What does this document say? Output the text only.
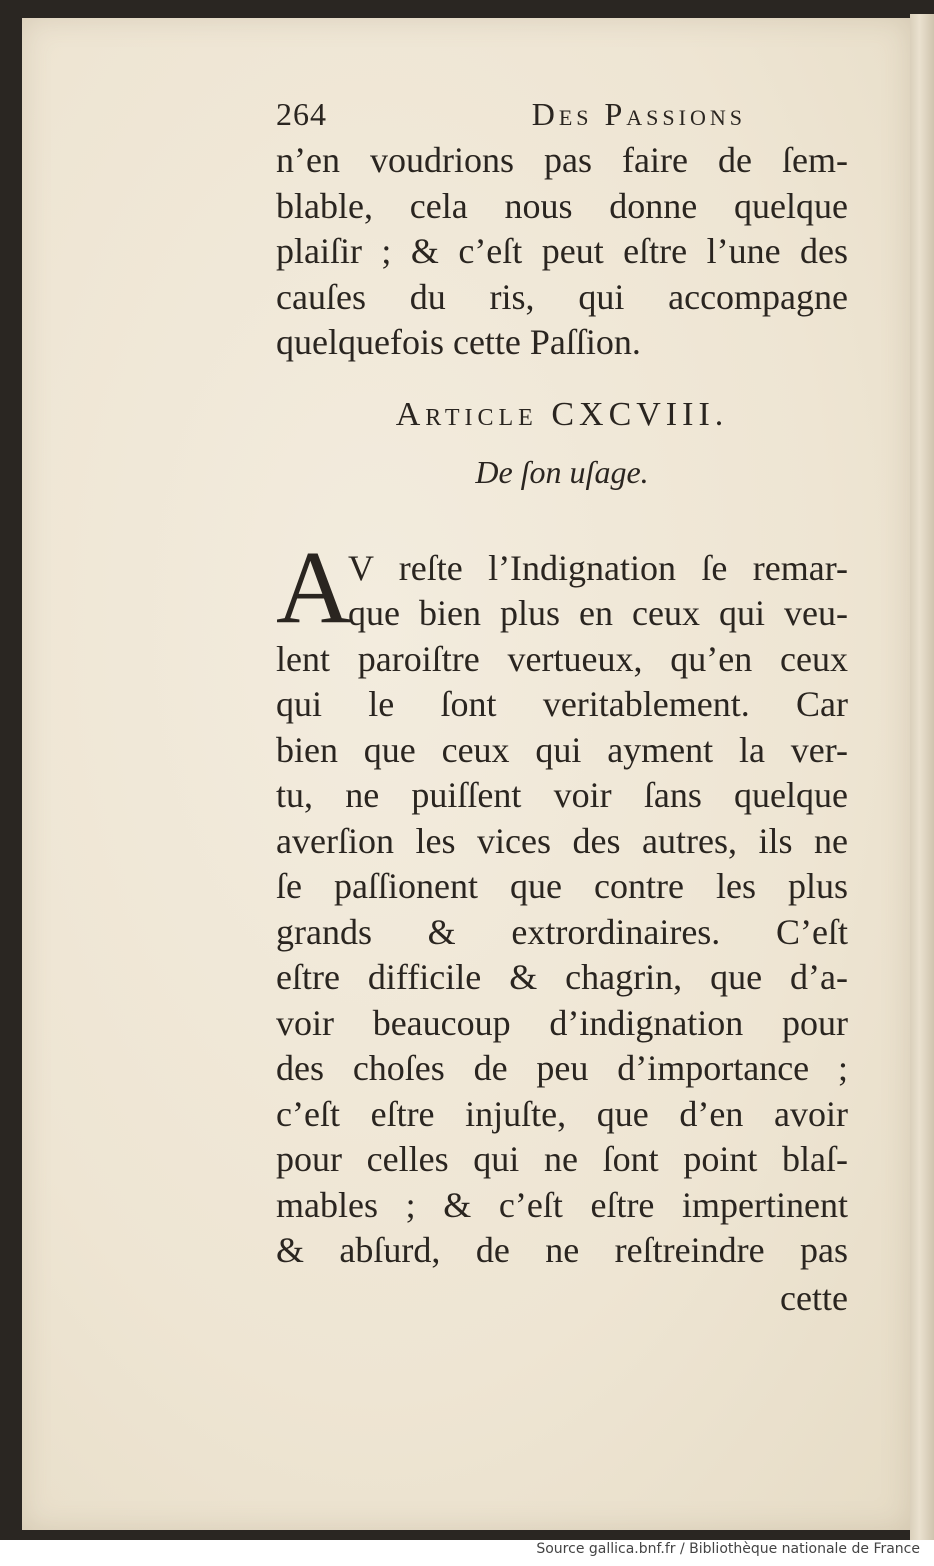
264	Des Passions
n’en voudrions pas faire de ſem-
blable, cela nous donne quelque
plaiſir ; & c’eſt peut eſtre l’une des
cauſes du ris, qui accompagne
quelquefois cette Paſſion.
Article CXCVIII.
De ſon uſage.
A
V reſte l’Indignation ſe remar-
que bien plus en ceux qui veu-
lent paroiſtre vertueux, qu’en ceux
qui le ſont veritablement. Car
bien que ceux qui ayment la ver-
tu, ne puiſſent voir ſans quelque
averſion les vices des autres, ils ne
ſe paſſionent que contre les plus
grands & extrordinaires. C’eſt
eſtre difficile & chagrin, que d’a-
voir beaucoup d’indignation pour
des choſes de peu d’importance ;
c’eſt eſtre injuſte, que d’en avoir
pour celles qui ne ſont point blaſ-
mables ; & c’eſt eſtre impertinent
& abſurd, de ne reſtreindre pas
cette
Source gallica.bnf.fr / Bibliothèque nationale de France
